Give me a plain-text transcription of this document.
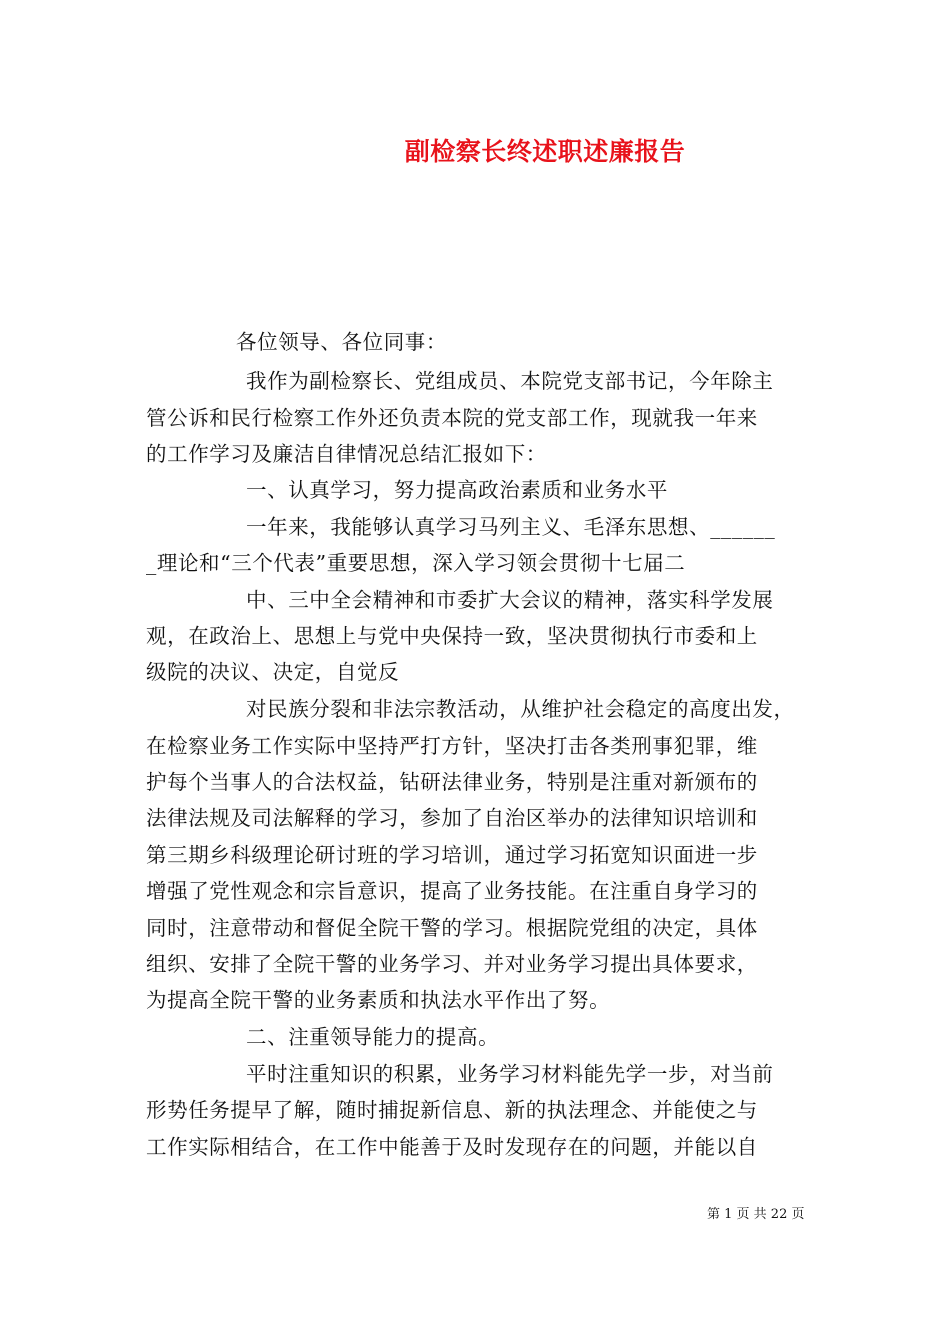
副检察长终述职述廉报告
各位领导、各位同事：
我作为副检察长、党组成员、本院党支部书记，今年除主
管公诉和民行检察工作外还负责本院的党支部工作，现就我一年来
的工作学习及廉洁自律情况总结汇报如下：
一、认真学习，努力提高政治素质和业务水平
一年来，我能够认真学习马列主义、毛泽东思想、______
_理论和“三个代表”重要思想，深入学习领会贯彻十七届二
中、三中全会精神和市委扩大会议的精神，落实科学发展
观，在政治上、思想上与党中央保持一致，坚决贯彻执行市委和上
级院的决议、决定，自觉反
对民族分裂和非法宗教活动，从维护社会稳定的高度出发，
在检察业务工作实际中坚持严打方针，坚决打击各类刑事犯罪，维
护每个当事人的合法权益，钻研法律业务，特别是注重对新颁布的
法律法规及司法解释的学习，参加了自治区举办的法律知识培训和
第三期乡科级理论研讨班的学习培训，通过学习拓宽知识面进一步
增强了党性观念和宗旨意识，提高了业务技能。在注重自身学习的
同时，注意带动和督促全院干警的学习。根据院党组的决定，具体
组织、安排了全院干警的业务学习、并对业务学习提出具体要求，
为提高全院干警的业务素质和执法水平作出了努。
二、注重领导能力的提高。
平时注重知识的积累，业务学习材料能先学一步，对当前
形势任务提早了解，随时捕捉新信息、新的执法理念、并能使之与
工作实际相结合，在工作中能善于及时发现存在的问题，并能以自
第 1 页 共 22 页
